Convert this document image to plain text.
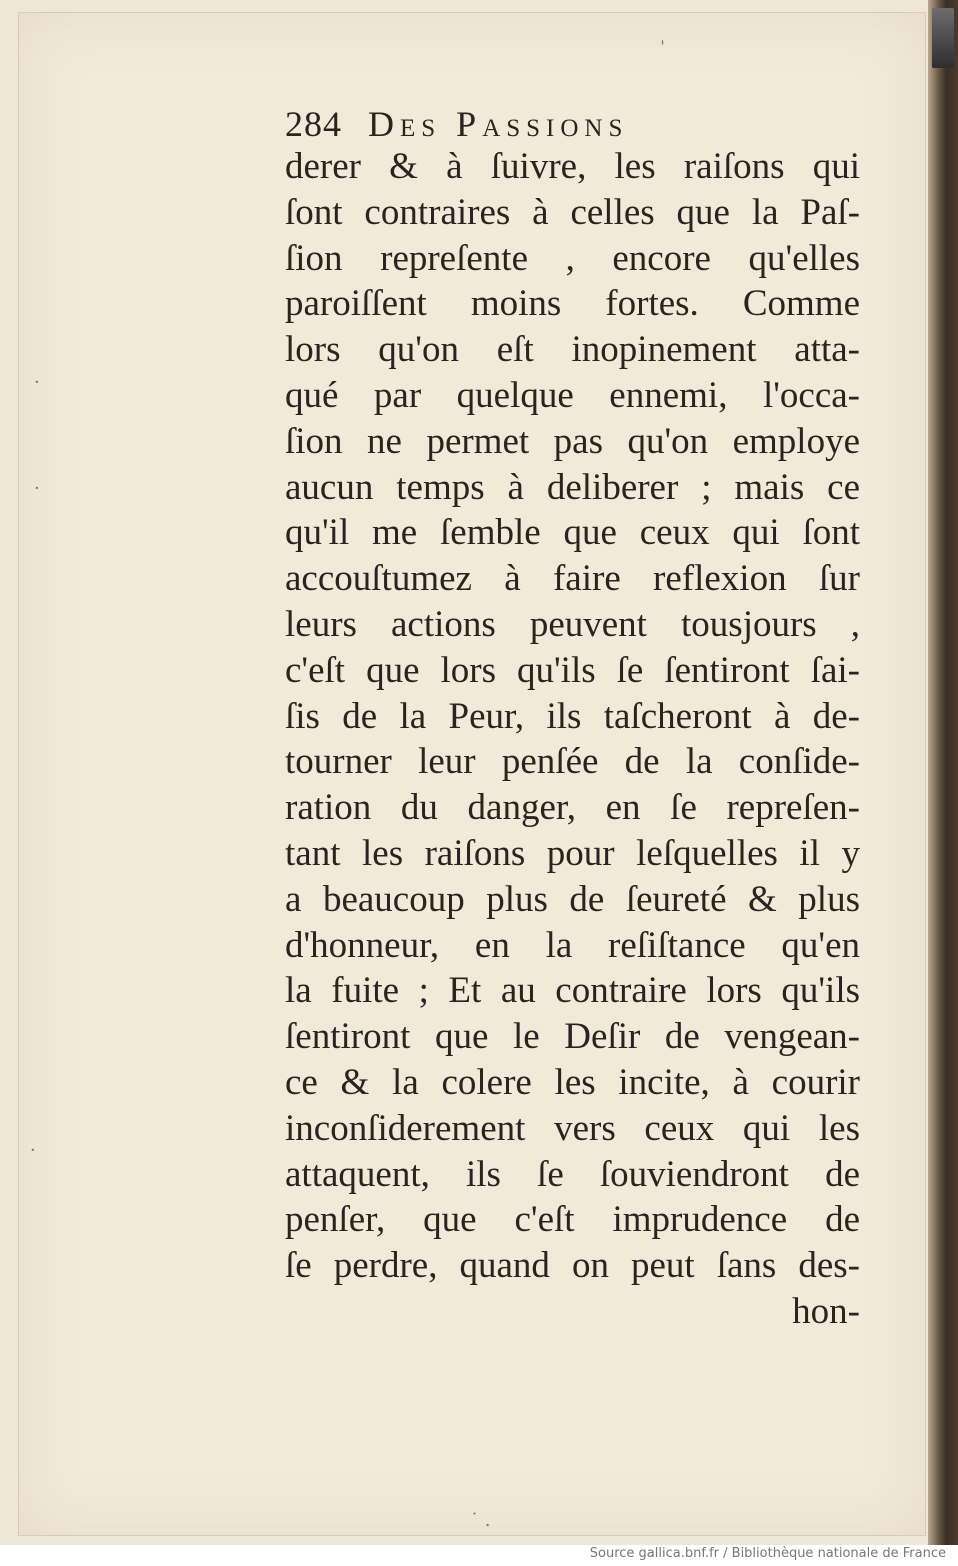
ˈ
·
·
·
˙ .
284 Des Passions
derer & à ſuivre, les raiſons qui
ſont contraires à celles que la Paſ-
ſion repreſente , encore qu'elles
paroiſſent moins fortes. Comme
lors qu'on eſt inopinement atta-
qué par quelque ennemi, l'occa-
ſion ne permet pas qu'on employe
aucun temps à deliberer ; mais ce
qu'il me ſemble que ceux qui ſont
accouſtumez à faire reflexion ſur
leurs actions peuvent tousjours ,
c'eſt que lors qu'ils ſe ſentiront ſai-
ſis de la Peur, ils taſcheront à de-
tourner leur penſée de la conſide-
ration du danger, en ſe repreſen-
tant les raiſons pour leſquelles il y
a beaucoup plus de ſeureté & plus
d'honneur, en la reſiſtance qu'en
la fuite ; Et au contraire lors qu'ils
ſentiront que le Deſir de vengean-
ce & la colere les incite, à courir
inconſiderement vers ceux qui les
attaquent, ils ſe ſouviendront de
penſer, que c'eſt imprudence de
ſe perdre, quand on peut ſans des-
hon-
Source gallica.bnf.fr / Bibliothèque nationale de France
